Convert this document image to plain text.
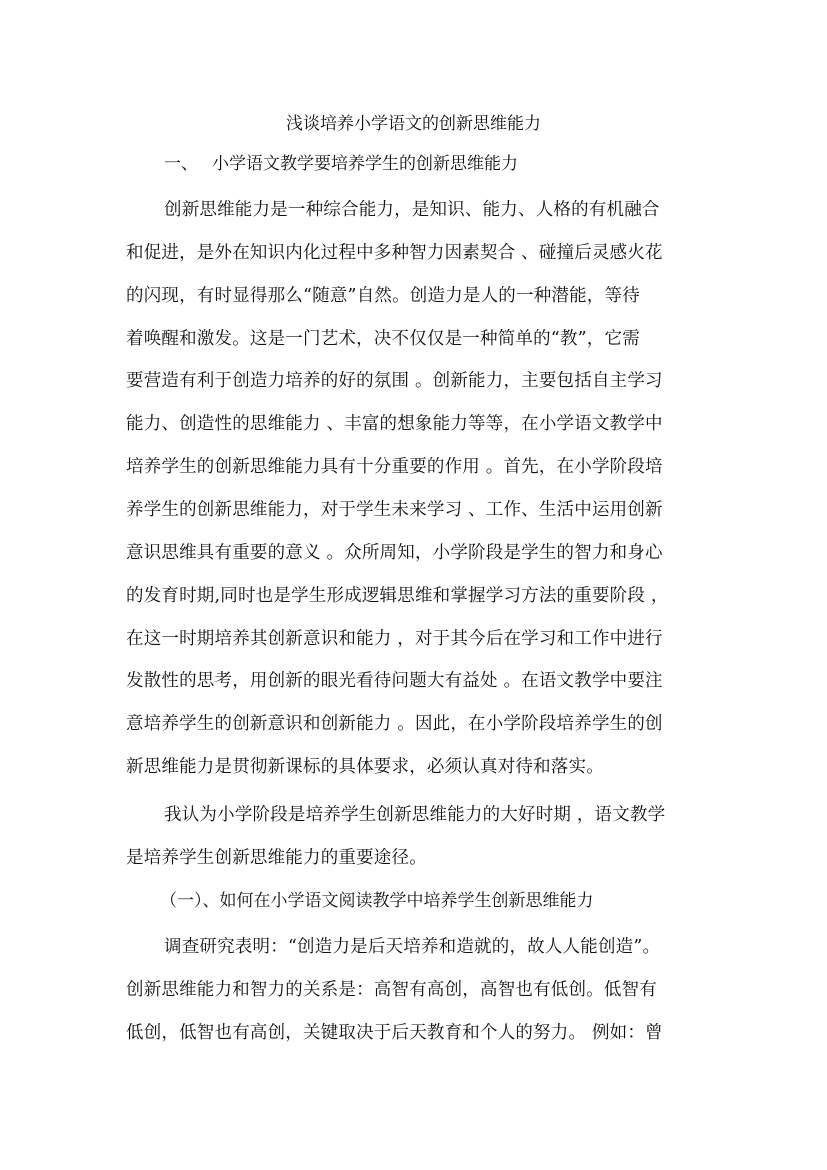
浅谈培养小学语文的创新思维能力
一、 小学语文教学要培养学生的创新思维能力
创新思维能力是一种综合能力，是知识、能力、人格的有机融合
和促进，是外在知识内化过程中多种智力因素契合 、碰撞后灵感火花
的闪现，有时显得那么“随意”自然。创造力是人的一种潜能，等待
着唤醒和激发。这是一门艺术，决不仅仅是一种简单的“教”，它需
要营造有利于创造力培养的好的氛围 。创新能力，主要包括自主学习
能力、创造性的思维能力 、丰富的想象能力等等，在小学语文教学中
培养学生的创新思维能力具有十分重要的作用 。首先，在小学阶段培
养学生的创新思维能力，对于学生未来学习 、工作、生活中运用创新
意识思维具有重要的意义 。众所周知，小学阶段是学生的智力和身心
的发育时期,同时也是学生形成逻辑思维和掌握学习方法的重要阶段 ，
在这一时期培养其创新意识和能力 ，对于其今后在学习和工作中进行
发散性的思考，用创新的眼光看待问题大有益处 。在语文教学中要注
意培养学生的创新意识和创新能力 。因此，在小学阶段培养学生的创
新思维能力是贯彻新课标的具体要求，必须认真对待和落实。
我认为小学阶段是培养学生创新思维能力的大好时期 ，语文教学
是培养学生创新思维能力的重要途径。
（一）、如何在小学语文阅读教学中培养学生创新思维能力
调查研究表明：“创造力是后天培养和造就的，故人人能创造”。
创新思维能力和智力的关系是：高智有高创，高智也有低创。低智有
低创，低智也有高创，关键取决于后天教育和个人的努力。 例如：曾
